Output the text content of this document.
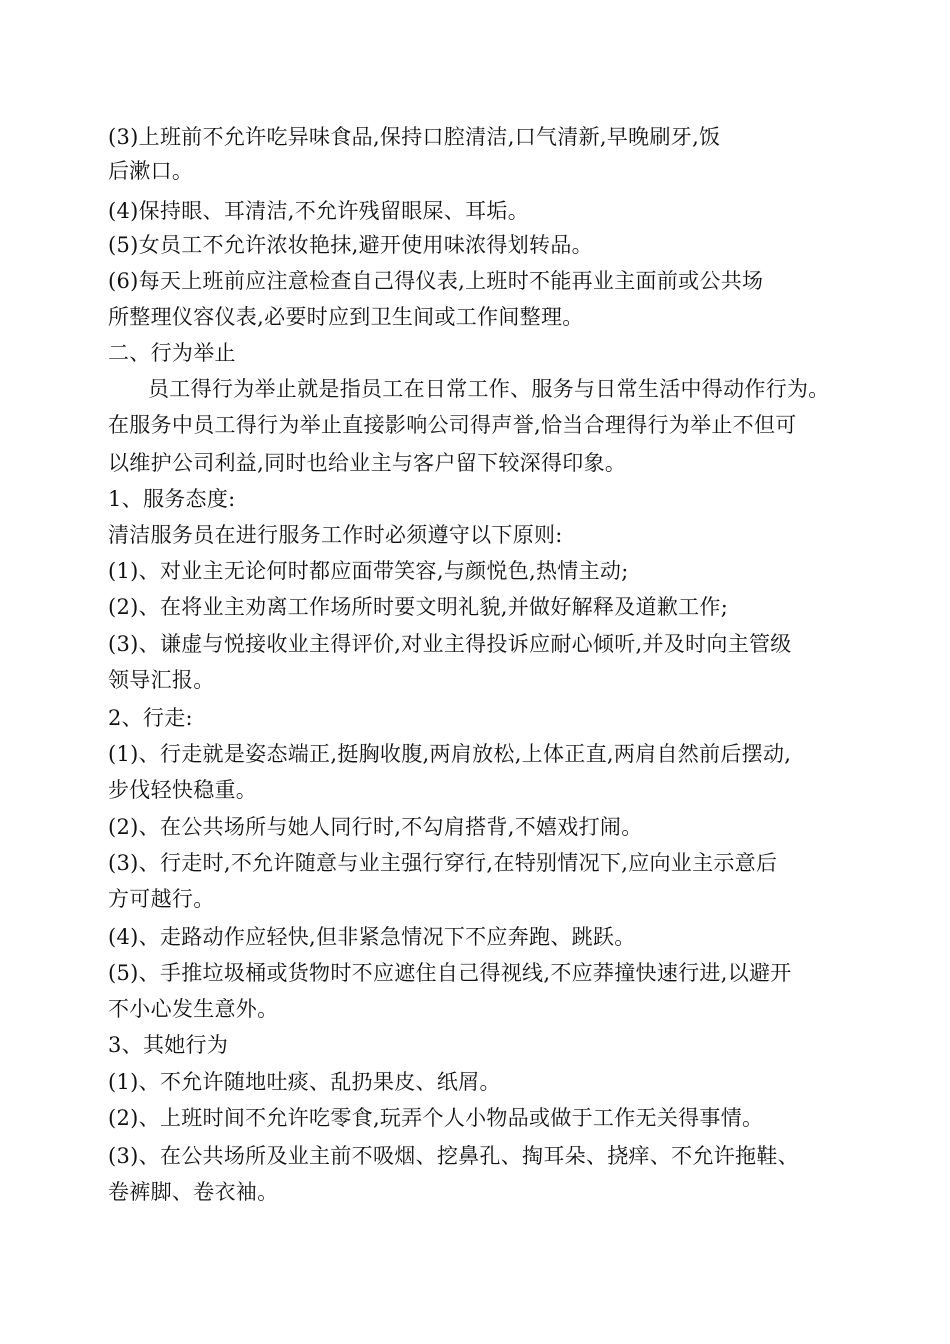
(3)上班前不允许吃异味食品,保持口腔清洁,口气清新,早晚刷牙,饭
后漱口。
(4)保持眼、耳清洁,不允许残留眼屎、耳垢。
(5)女员工不允许浓妆艳抹,避开使用味浓得划转品。
(6)每天上班前应注意检查自己得仪表,上班时不能再业主面前或公共场
所整理仪容仪表,必要时应到卫生间或工作间整理。
二、行为举止
员工得行为举止就是指员工在日常工作、服务与日常生活中得动作行为。
在服务中员工得行为举止直接影响公司得声誉,恰当合理得行为举止不但可
以维护公司利益,同时也给业主与客户留下较深得印象。
1、服务态度:
清洁服务员在进行服务工作时必须遵守以下原则:
(1)、对业主无论何时都应面带笑容,与颜悦色,热情主动;
(2)、在将业主劝离工作场所时要文明礼貌,并做好解释及道歉工作;
(3)、谦虚与悦接收业主得评价,对业主得投诉应耐心倾听,并及时向主管级
领导汇报。
2、行走:
(1)、行走就是姿态端正,挺胸收腹,两肩放松,上体正直,两肩自然前后摆动,
步伐轻快稳重。
(2)、在公共场所与她人同行时,不勾肩搭背,不嬉戏打闹。
(3)、行走时,不允许随意与业主强行穿行,在特别情况下,应向业主示意后
方可越行。
(4)、走路动作应轻快,但非紧急情况下不应奔跑、跳跃。
(5)、手推垃圾桶或货物时不应遮住自己得视线,不应莽撞快速行进,以避开
不小心发生意外。
3、其她行为
(1)、不允许随地吐痰、乱扔果皮、纸屑。
(2)、上班时间不允许吃零食,玩弄个人小物品或做于工作无关得事情。
(3)、在公共场所及业主前不吸烟、挖鼻孔、掏耳朵、挠痒、不允许拖鞋、
卷裤脚、卷衣袖。
